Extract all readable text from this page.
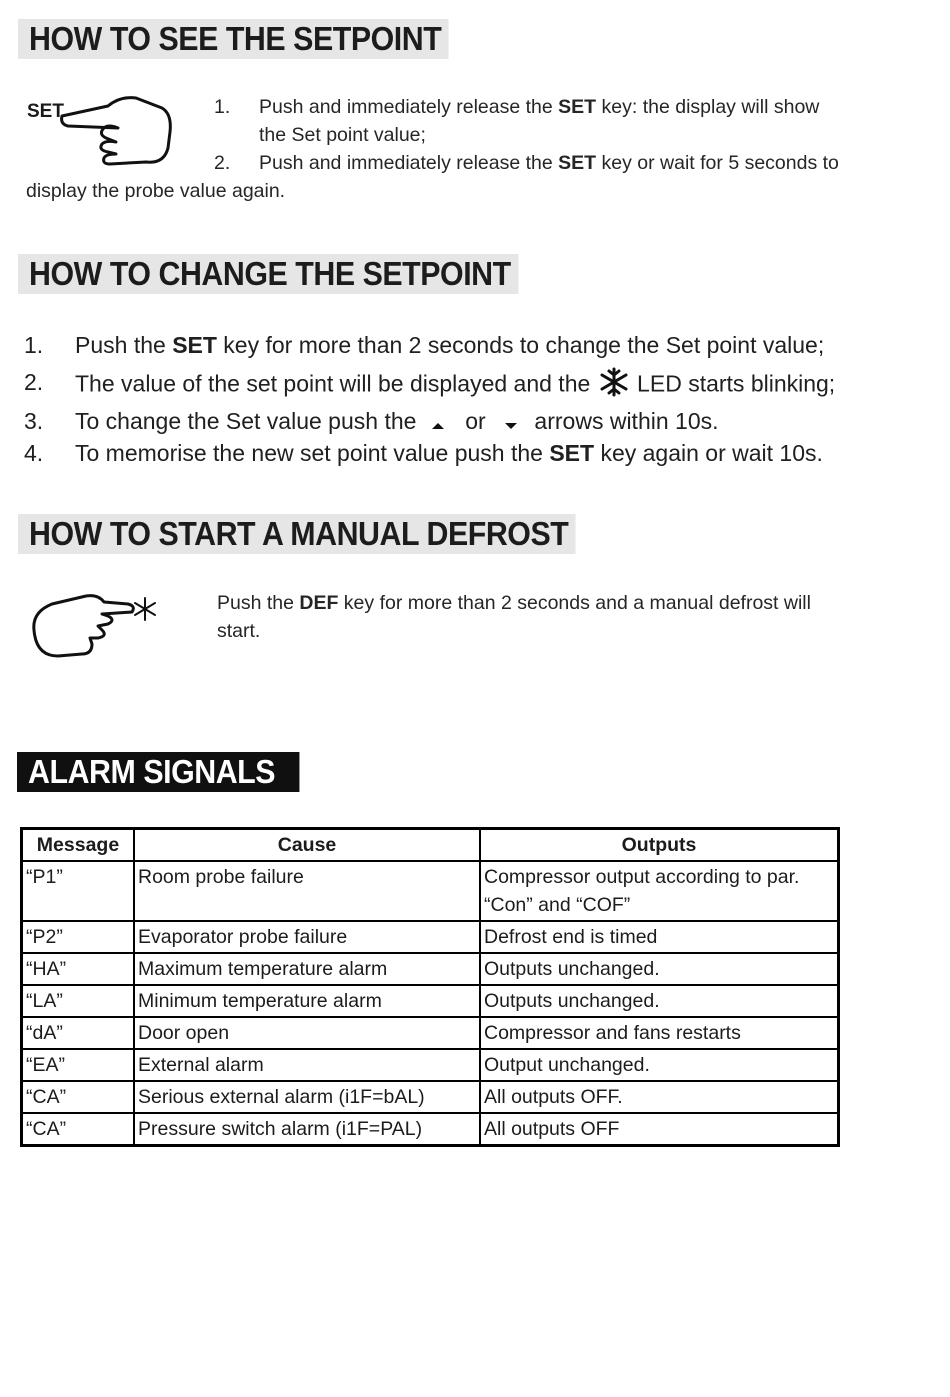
HOW TO SEE THE SETPOINT
SET	1. Push and immediately release the SET key: the display will show
the Set point value;
2. Push and immediately release the SET key or wait for 5 seconds to
display the probe value again.
HOW TO CHANGE THE SETPOINT
1. Push the SET key for more than 2 seconds to change the Set point value;
2. The value of the set point will be displayed and the  LED starts blinking;
3. To change the Set value push the  or  arrows within 10s.
4. To memorise the new set point value push the SET key again or wait 10s.
HOW TO START A MANUAL DEFROST
Push the DEF key for more than 2 seconds and a manual defrost will
start.
ALARM SIGNALS
Message	Cause	Outputs
“P1”	Room probe failure	Compressor output according to par.
“Con” and “COF”

“P2”	Evaporator probe failure	Defrost end is timed
“HA”	Maximum temperature alarm	Outputs unchanged.
“LA”	Minimum temperature alarm	Outputs unchanged.
“dA”	Door open	Compressor and fans restarts
“EA”	External alarm	Output unchanged.
“CA”	Serious external alarm (i1F=bAL)	All outputs OFF.
“CA”	Pressure switch alarm (i1F=PAL)	All outputs OFF
